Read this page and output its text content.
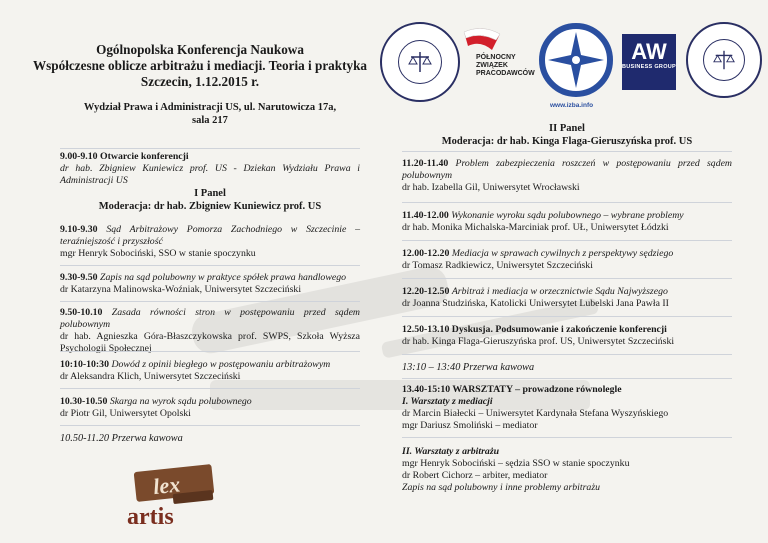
Ogólnopolska Konferencja Naukowa
Współczesne oblicze arbitrażu i mediacji. Teoria i praktyka
Szczecin, 1.12.2015 r.
Wydział Prawa i Administracji US, ul. Narutowicza 17a,
sala 217
PÓŁNOCNY ZWIĄZEK PRACODAWCÓW
www.izba.info
AW
BUSINESS GROUP
9.00-9.10 Otwarcie konferencji
dr hab. Zbigniew Kuniewicz prof. US - Dziekan Wydziału Prawa i Administracji US
I Panel
Moderacja: dr hab. Zbigniew Kuniewicz prof. US
9.10-9.30 Sąd Arbitrażowy Pomorza Zachodniego w Szczecinie – teraźniejszość i przyszłość
mgr Henryk Sobociński, SSO w stanie spoczynku
9.30-9.50 Zapis na sąd polubowny w praktyce spółek prawa handlowego
dr Katarzyna Malinowska-Woźniak, Uniwersytet Szczeciński
9.50-10.10 Zasada równości stron w postępowaniu przed sądem polubownym
dr hab. Agnieszka Góra-Błaszczykowska prof. SWPS, Szkoła Wyższa Psychologii Społecznej
10:10-10:30 Dowód z opinii biegłego w postępowaniu arbitrażowym
dr Aleksandra Klich, Uniwersytet Szczeciński
10.30-10.50 Skarga na wyrok sądu polubownego
dr Piotr Gil, Uniwersytet Opolski
10.50-11.20 Przerwa kawowa
lex
artis
II Panel
Moderacja: dr hab. Kinga Flaga-Gieruszyńska prof. US
11.20-11.40 Problem zabezpieczenia roszczeń w postępowaniu przed sądem polubownym
dr hab. Izabella Gil, Uniwersytet Wrocławski
11.40-12.00 Wykonanie wyroku sądu polubownego – wybrane problemy
dr hab. Monika Michalska-Marciniak prof. UŁ, Uniwersytet Łódzki
12.00-12.20 Mediacja w sprawach cywilnych z perspektywy sędziego
dr Tomasz Radkiewicz, Uniwersytet Szczeciński
12.20-12.50 Arbitraż i mediacja w orzecznictwie Sądu Najwyższego
dr Joanna Studzińska, Katolicki Uniwersytet Lubelski Jana Pawła II
12.50-13.10 Dyskusja. Podsumowanie i zakończenie konferencji
dr hab. Kinga Flaga-Gieruszyńska prof. US, Uniwersytet Szczeciński
13:10 – 13:40 Przerwa kawowa
13.40-15:10 WARSZTATY – prowadzone równolegle
I. Warsztaty z mediacji
dr Marcin Białecki – Uniwersytet Kardynała Stefana Wyszyńskiego
mgr Dariusz Smoliński – mediator
II. Warsztaty z arbitrażu
mgr Henryk Sobociński – sędzia SSO w stanie spoczynku
dr Robert Cichorz – arbiter, mediator
Zapis na sąd polubowny i inne problemy arbitrażu
